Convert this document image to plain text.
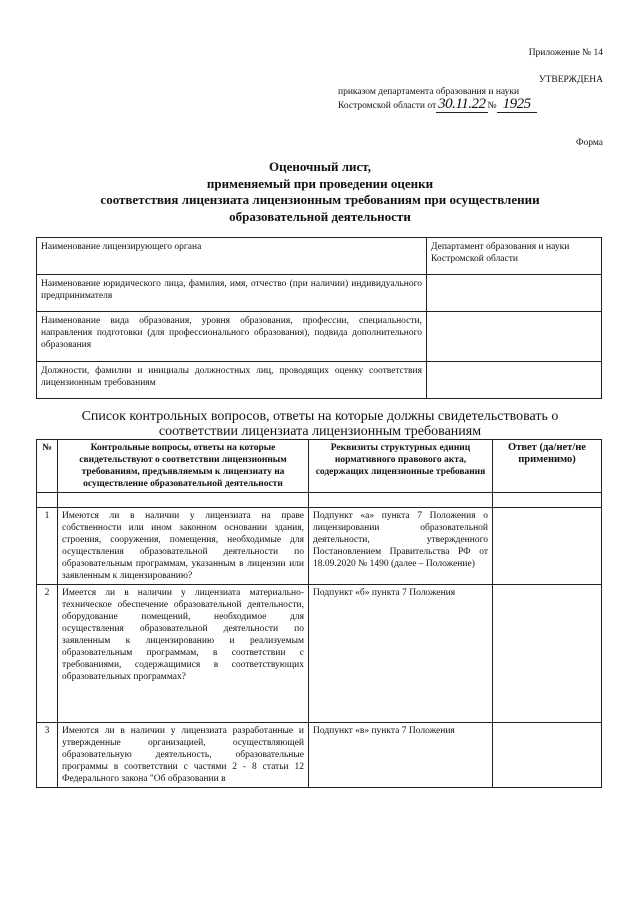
Приложение № 14
УТВЕРЖДЕНА
приказом департамента образования и науки
Костромской области от 30.11.22 № 1925
Форма
Оценочный лист,
применяемый при проведении оценки
соответствия лицензиата лицензионным требованиям при осуществлении
образовательной деятельности
Наименование лицензирующего органа	Департамент образования и науки Костромской области
Наименование юридического лица, фамилия, имя, отчество (при наличии) индивидуального предпринимателя	
Наименование вида образования, уровня образования, профессии, специальности, направления подготовки (для профессионального образования), подвида дополнительного образования	
Должности, фамилии и инициалы должностных лиц, проводящих оценку соответствия лицензионным требованиям	
Список контрольных вопросов, ответы на которые должны свидетельствовать о
соответствии лицензиата лицензионным требованиям
№	Контрольные вопросы, ответы на которые свидетельствуют о соответствии лицензионным требованиям, предъявляемым к лицензиату на осуществление образовательной деятельности	Реквизиты структурных единиц нормативного правового акта, содержащих лицензионные требования	Ответ (да/нет/не применимо)

1	Имеются ли в наличии у лицензиата на праве собственности или ином законном основании здания, строения, сооружения, помещения, необходимые для осуществления образовательной деятельности по образовательным программам, указанным в лицензии или заявленным к лицензированию?	Подпункт «а» пункта 7 Положения о лицензировании образовательной деятельности, утвержденного Постановлением Правительства РФ от 18.09.2020 № 1490 (далее – Положение)	
2	Имеется ли в наличии у лицензиата материально-техническое обеспечение образовательной деятельности, оборудование помещений, необходимое для осуществления образовательной деятельности по заявленным к лицензированию и реализуемым образовательным программам, в соответствии с требованиями, содержащимися в соответствующих образовательных программах?	Подпункт «б» пункта 7 Положения	
3	Имеются ли в наличии у лицензиата разработанные и утвержденные организацией, осуществляющей образовательную деятельность, образовательные программы в соответствии с частями 2 - 8 статьи 12 Федерального закона "Об образовании в	Подпункт «в» пункта 7 Положения	
